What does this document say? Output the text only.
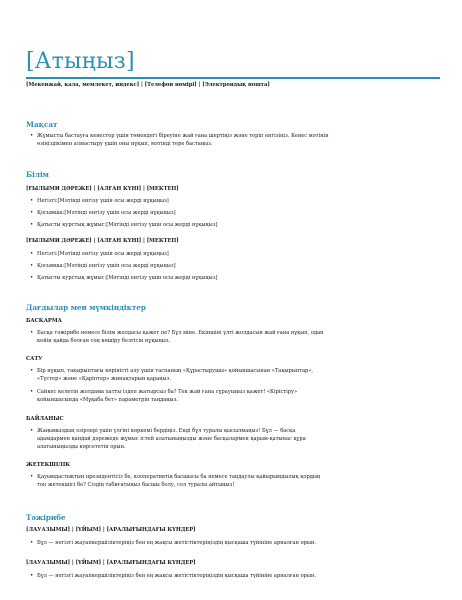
[Атыңыз]
[Мекенжай, қала, мемлекет, индекс] | [Телефон нөмірі] | [Электрондық пошта]
Мақсат
• Жұмысты бастауға кеңестер үшін төмендегі біреуіне жай ғана шертіңіз және теріп енгізіңіз. Кеңес мәтінін
өзіңіздікімен алмастыру үшін оны нұқып, мәтінді тере бастаңыз.
Білім
[ҒЫЛЫМИ ДӘРЕЖЕ] | [АЛҒАН КҮНІ] | [МЕКТЕП]
• Негізгі:[Мәтінді енгізу үшін осы жерді нұқыңыз]
• Қосымша:[Мәтінді енгізу үшін осы жерді нұқыңыз]
• Қатысты курстық жұмыс:[Мәтінді енгізу үшін осы жерді нұқыңыз]
[ҒЫЛЫМИ ДӘРЕЖЕ] | [АЛҒАН КҮНІ] | [МЕКТЕП]
• Негізгі:[Мәтінді енгізу үшін осы жерді нұқыңыз]
• Қосымша:[Мәтінді енгізу үшін осы жерді нұқыңыз]
• Қатысты курстық жұмыс:[Мәтінді енгізу үшін осы жерді нұқыңыз]
Дағдылар мен мүмкіндіктер
БАСҚАРМА
• Басқа тәжірибе немесе білім жолдасы қажет пе? Бұл міне. Екіншіні үлгі жолдасын жай ғана нұқып, одан
кейін қайда болған соң көшіру белгісін нұқыңыз.
САТУ
• Бір нұқып, тақырыптағы көріністі алу үшін таспаның «Құрастырушы» қойыншасынан «Тақырыптар»,
«Түстер» және «Қаріптер» жинақтарын қараңыз.
• Сайкес келетін жолдама хатты іздеп жатырсыз ба? Тек жай ғана сұрауыңыз қажет! «Кірістіру»
қойыншасында «Мұқаба бет» параметрін таңдаңыз.
БАЙЛАНЫС
• Жаңымыздың әзірлері үшін үлгіні көркемі бердіңіз. Енді бұл туралы қысылмаңыз! Бұл — басқа
адамдармен қандай дәрежеде жұмыс істей алатыныңызды және басқалармен қарым-қатынас құра
алатыныңызды көрсететін орын.
ЖЕТЕКШІЛІК
• Қауымдастықтың президентісіз бе, кооперативтің басшысы ба немесе таңдаулы қайырымдылық қордың
топ жетекшісі бе? Сіздің табиғатыңыз басшы болу, сол туралы айтыңыз!
Тәжірибе
[ЛАУАЗЫМЫ] | [ҮЙЫМ] | [АРАЛЫҒЫНДАҒЫ КҮНДЕР]
• Бұл — негізгі жауапкершіліктеріңіз бен ең жақсы жетістіктеріңіздің қысқаша түйініне арналған орын.
[ЛАУАЗЫМЫ] | [ҮЙЫМ] | [АРАЛЫҒЫНДАҒЫ КҮНДЕР]
• Бұл — негізгі жауапкершіліктеріңіз бен ең жақсы жетістіктеріңіздің қысқаша түйініне арналған орын.
